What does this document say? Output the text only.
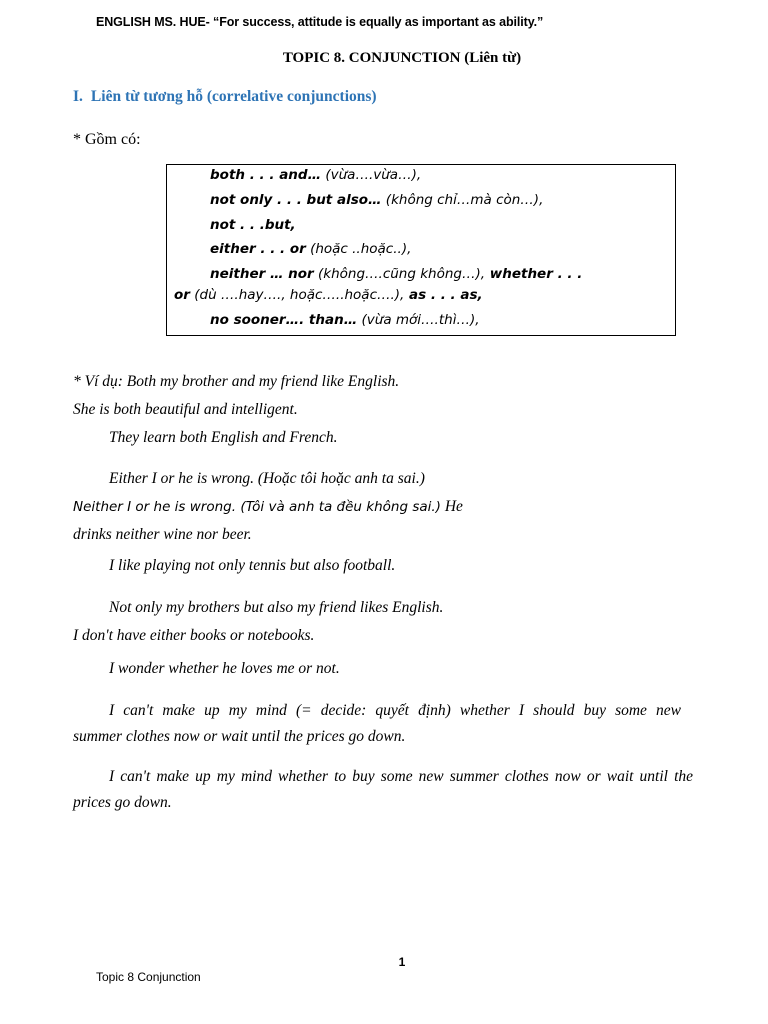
ENGLISH MS. HUE- “For success, attitude is equally as important as ability.”
TOPIC 8. CONJUNCTION (Liên từ)
I. Liên từ tương hỗ (correlative conjunctions)
* Gồm có:
both . . . and… (vừa….vừa…),
not only . . . but also… (không chỉ…mà còn…),
not . . .but,
either . . . or (hoặc ..hoặc..),
neither … nor (không….cũng không…), whether . . .
or (dù ….hay…., hoặc…..hoặc….), as . . . as,
no sooner…. than… (vừa mới….thì…),
* Ví dụ: Both my brother and my friend like English.
She is both beautiful and intelligent.
They learn both English and French.
Either I or he is wrong. (Hoặc tôi hoặc anh ta sai.)
Neither I or he is wrong. (Tôi và anh ta đều không sai.) He
drinks neither wine nor beer.
I like playing not only tennis but also football.
Not only my brothers but also my friend likes English.
I don't have either books or notebooks.
I wonder whether he loves me or not.
I can't make up my mind (= decide: quyết định) whether I should buy some new
summer clothes now or wait until the prices go down.
I can't make up my mind whether to buy some new summer clothes now or wait until the
prices go down.
1
Topic 8 Conjunction
